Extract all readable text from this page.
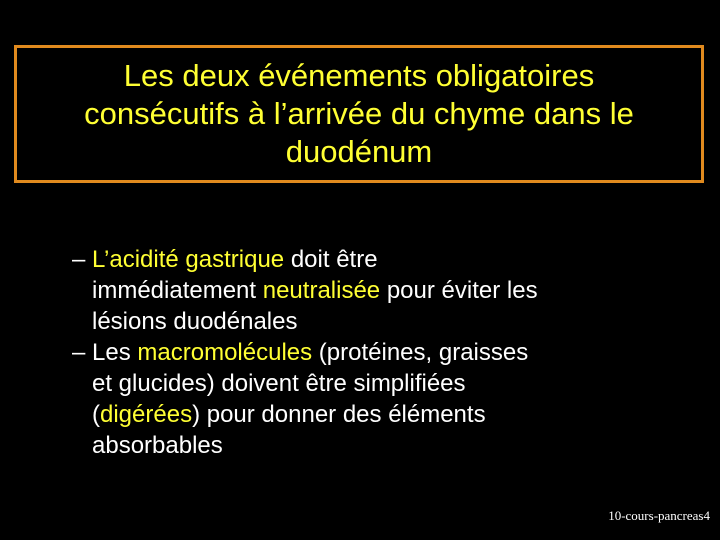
Les deux événements obligatoires
consécutifs à l’arrivée du chyme dans le
duodénum
– L’acidité gastrique doit être
immédiatement neutralisée pour éviter les
lésions duodénales
– Les macromolécules (protéines, graisses
et glucides) doivent être simplifiées
(digérées) pour donner des éléments
absorbables
10-cours-pancreas4
